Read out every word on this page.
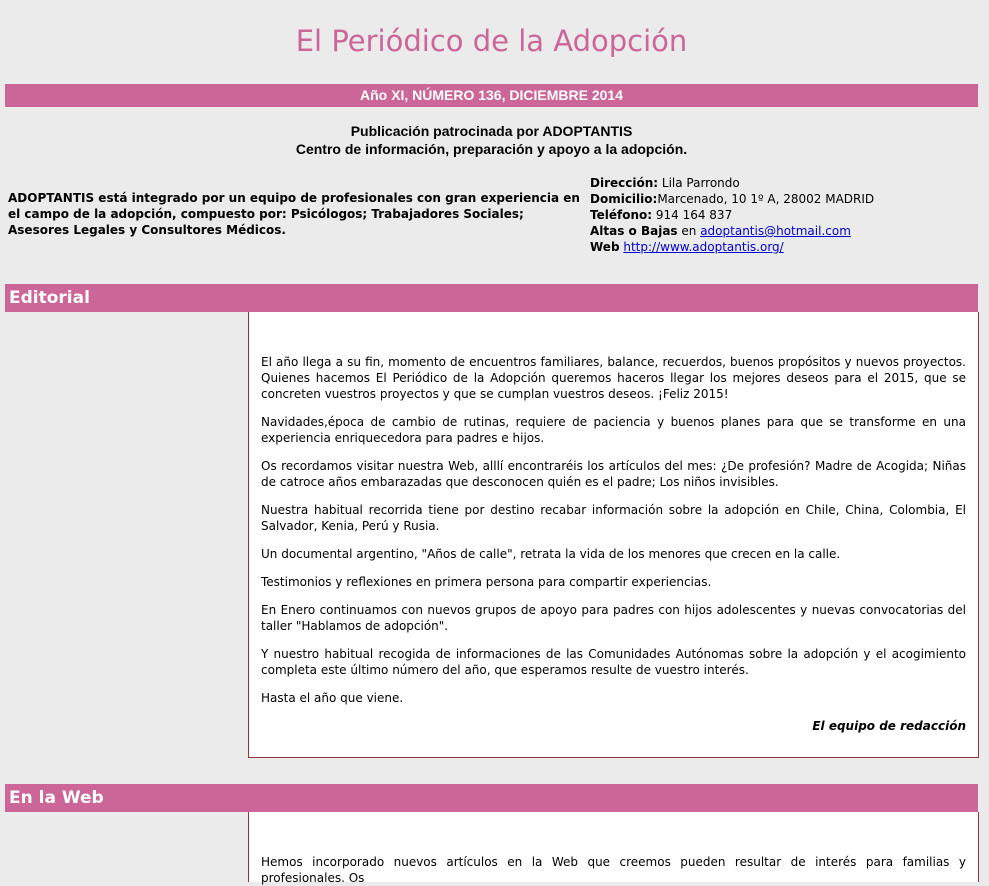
El Periódico de la Adopción
Año XI, NÚMERO 136, DICIEMBRE 2014
Publicación patrocinada por ADOPTANTIS
Centro de información, preparación y apoyo a la adopción.
ADOPTANTIS está integrado por un equipo de profesionales con gran experiencia en el campo de la adopción, compuesto por: Psicólogos; Trabajadores Sociales; Asesores Legales y Consultores Médicos.
Dirección: Lila Parrondo
Domicilio:Marcenado, 10 1º A, 28002 MADRID
Teléfono: 914 164 837
Altas o Bajas en adoptantis@hotmail.com
Web http://www.adoptantis.org/
Editorial

El año llega a su fin, momento de encuentros familiares, balance, recuerdos, buenos propósitos y nuevos proyectos. Quienes hacemos El Periódico de la Adopción queremos haceros llegar los mejores deseos para el 2015, que se concreten vuestros proyectos y que se cumplan vuestros deseos. ¡Feliz 2015!

Navidades,época de cambio de rutinas, requiere de paciencia y buenos planes para que se transforme en una experiencia enriquecedora para padres e hijos.

Os recordamos visitar nuestra Web, alllí encontraréis los artículos del mes: ¿De profesión? Madre de Acogida; Niñas de catroce años embarazadas que desconocen quién es el padre; Los niños invisibles.

Nuestra habitual recorrida tiene por destino recabar información sobre la adopción en Chile, China, Colombia, El Salvador, Kenia, Perú y Rusia.

Un documental argentino, "Años de calle", retrata la vida de los menores que crecen en la calle.

Testimonios y reflexiones en primera persona para compartir experiencias.

En Enero continuamos con nuevos grupos de apoyo para padres con hijos adolescentes y nuevas convocatorias del taller "Hablamos de adopción".

Y nuestro habitual recogida de informaciones de las Comunidades Autónomas sobre la adopción y el acogimiento completa este último número del año, que esperamos resulte de vuestro interés.

Hasta el año que viene.

El equipo de redacción

En la Web

Hemos incorporado nuevos artículos en la Web que creemos pueden resultar de interés para familias y profesionales. Os
